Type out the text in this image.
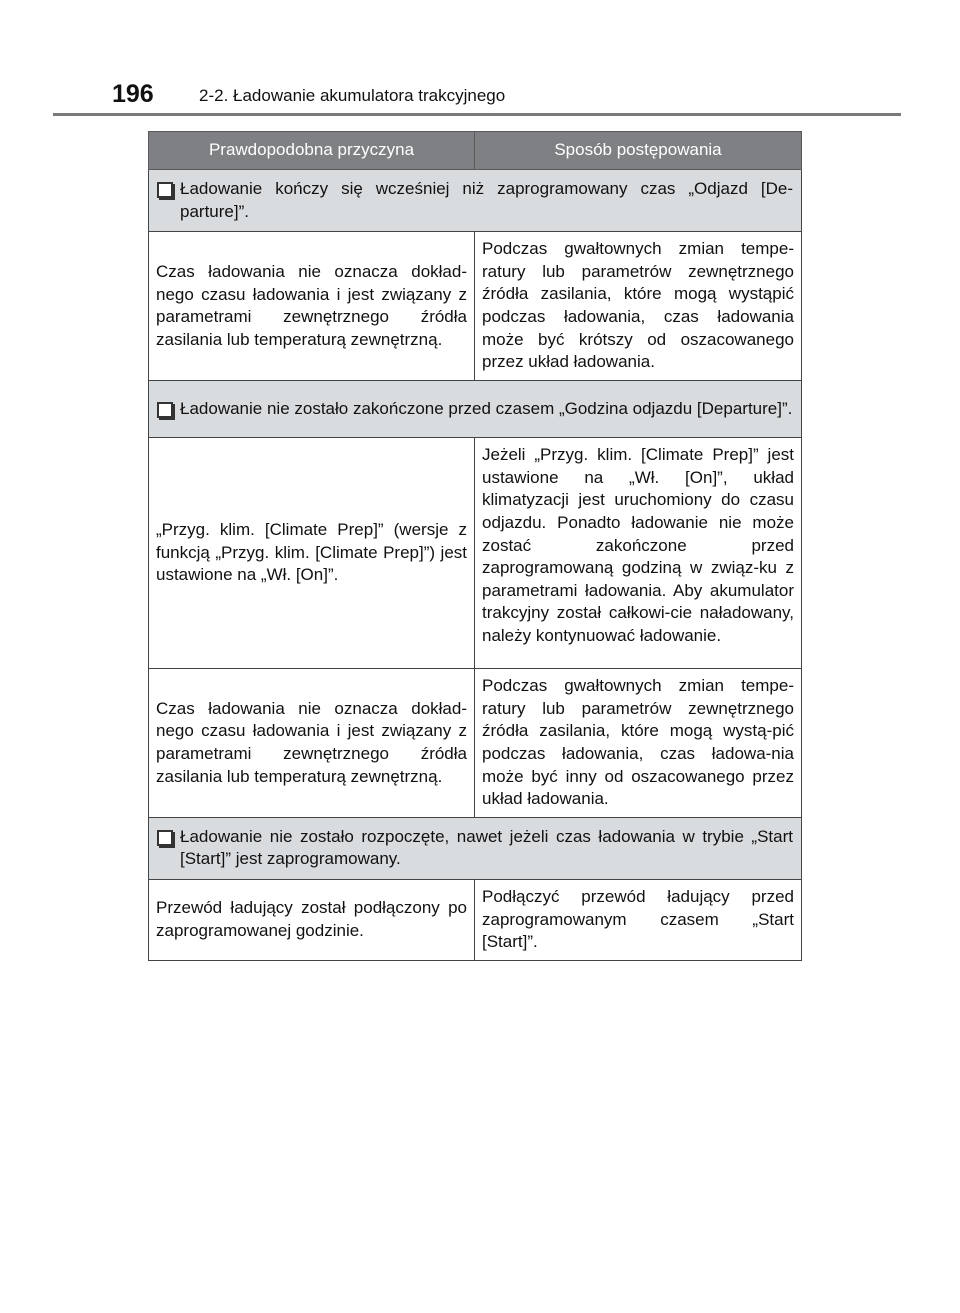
196	2-2. Ładowanie akumulatora trakcyjnego
Prawdopodobna przyczyna	Sposób postępowania

Ładowanie kończy się wcześniej niż zaprogramowany czas „Odjazd [De-parture]”.	

Czas ładowania nie oznacza dokład-nego czasu ładowania i jest związany z parametrami zewnętrznego źródła zasilania lub temperaturą zewnętrzną.	Podczas gwałtownych zmian tempe-ratury lub parametrów zewnętrznego źródła zasilania, które mogą wystąpić podczas ładowania, czas ładowania może być krótszy od oszacowanego przez układ ładowania.

Ładowanie nie zostało zakończone przed czasem „Godzina odjazdu [Departure]”.	

„Przyg. klim. [Climate Prep]” (wersje z funkcją „Przyg. klim. [Climate Prep]”) jest ustawione na „Wł. [On]”.	Jeżeli „Przyg. klim. [Climate Prep]” jest ustawione na „Wł. [On]”, układ klimatyzacji jest uruchomiony do czasu odjazdu. Ponadto ładowanie nie może zostać zakończone przed zaprogramowaną godziną w związ-ku z parametrami ładowania. Aby akumulator trakcyjny został całkowi-cie naładowany, należy kontynuować ładowanie.
Czas ładowania nie oznacza dokład-nego czasu ładowania i jest związany z parametrami zewnętrznego źródła zasilania lub temperaturą zewnętrzną.	Podczas gwałtownych zmian tempe-ratury lub parametrów zewnętrznego źródła zasilania, które mogą wystą-pić podczas ładowania, czas ładowa-nia może być inny od oszacowanego przez układ ładowania.

Ładowanie nie zostało rozpoczęte, nawet jeżeli czas ładowania w trybie „Start [Start]” jest zaprogramowany.	

Przewód ładujący został podłączony po zaprogramowanej godzinie.	Podłączyć przewód ładujący przed zaprogramowanym czasem „Start [Start]”.
